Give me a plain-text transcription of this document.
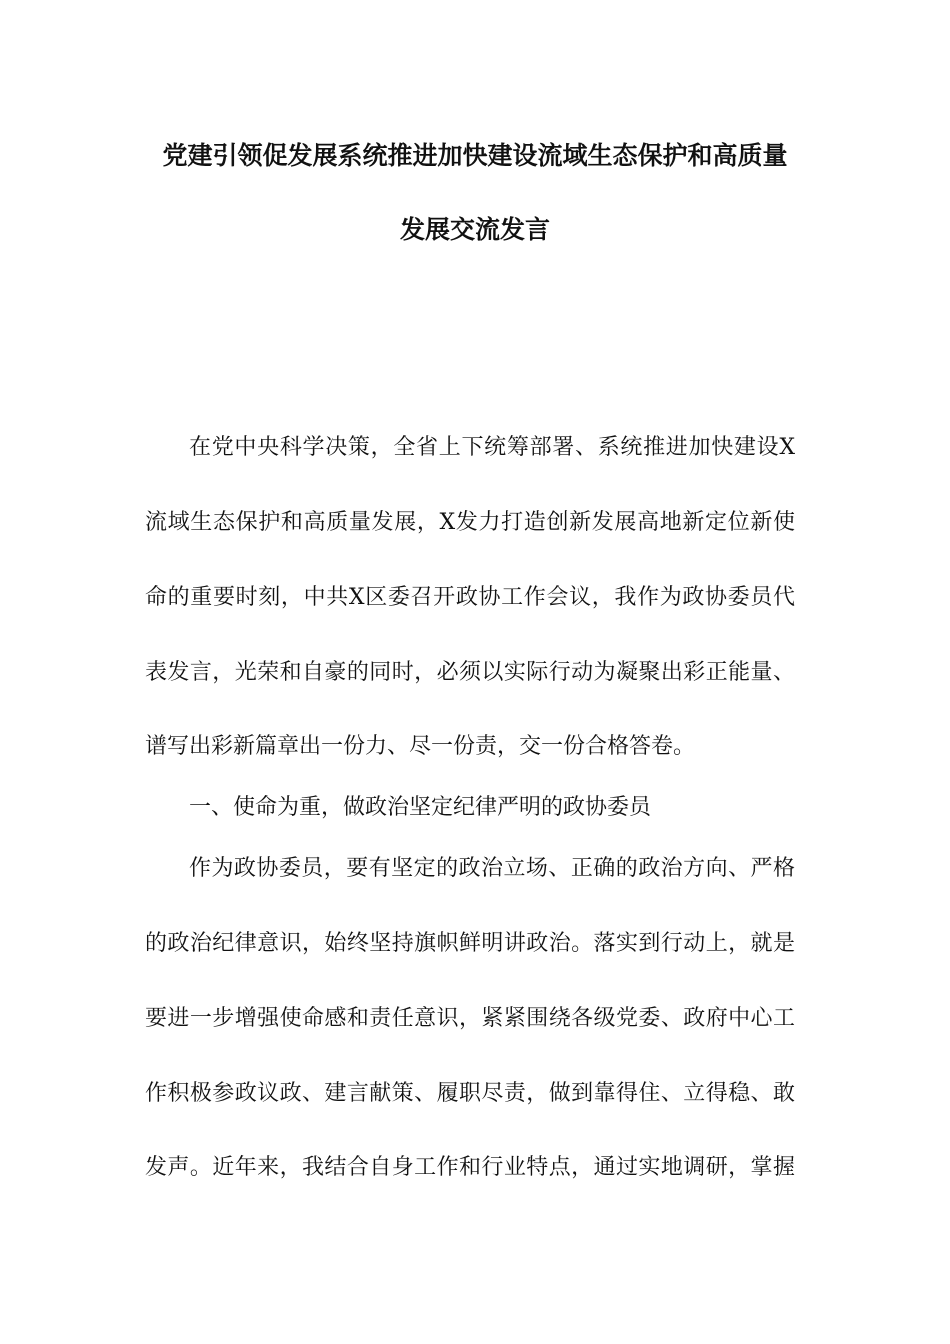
党建引领促发展系统推进加快建设流域生态保护和高质量
发展交流发言
在党中央科学决策，全省上下统筹部署、系统推进加快建设X
流域生态保护和高质量发展，X发力打造创新发展高地新定位新使
命的重要时刻，中共X区委召开政协工作会议，我作为政协委员代
表发言，光荣和自豪的同时，必须以实际行动为凝聚出彩正能量、
谱写出彩新篇章出一份力、尽一份责，交一份合格答卷。
一、使命为重，做政治坚定纪律严明的政协委员
作为政协委员，要有坚定的政治立场、正确的政治方向、严格
的政治纪律意识，始终坚持旗帜鲜明讲政治。落实到行动上，就是
要进一步增强使命感和责任意识，紧紧围绕各级党委、政府中心工
作积极参政议政、建言献策、履职尽责，做到靠得住、立得稳、敢
发声。近年来，我结合自身工作和行业特点，通过实地调研，掌握
